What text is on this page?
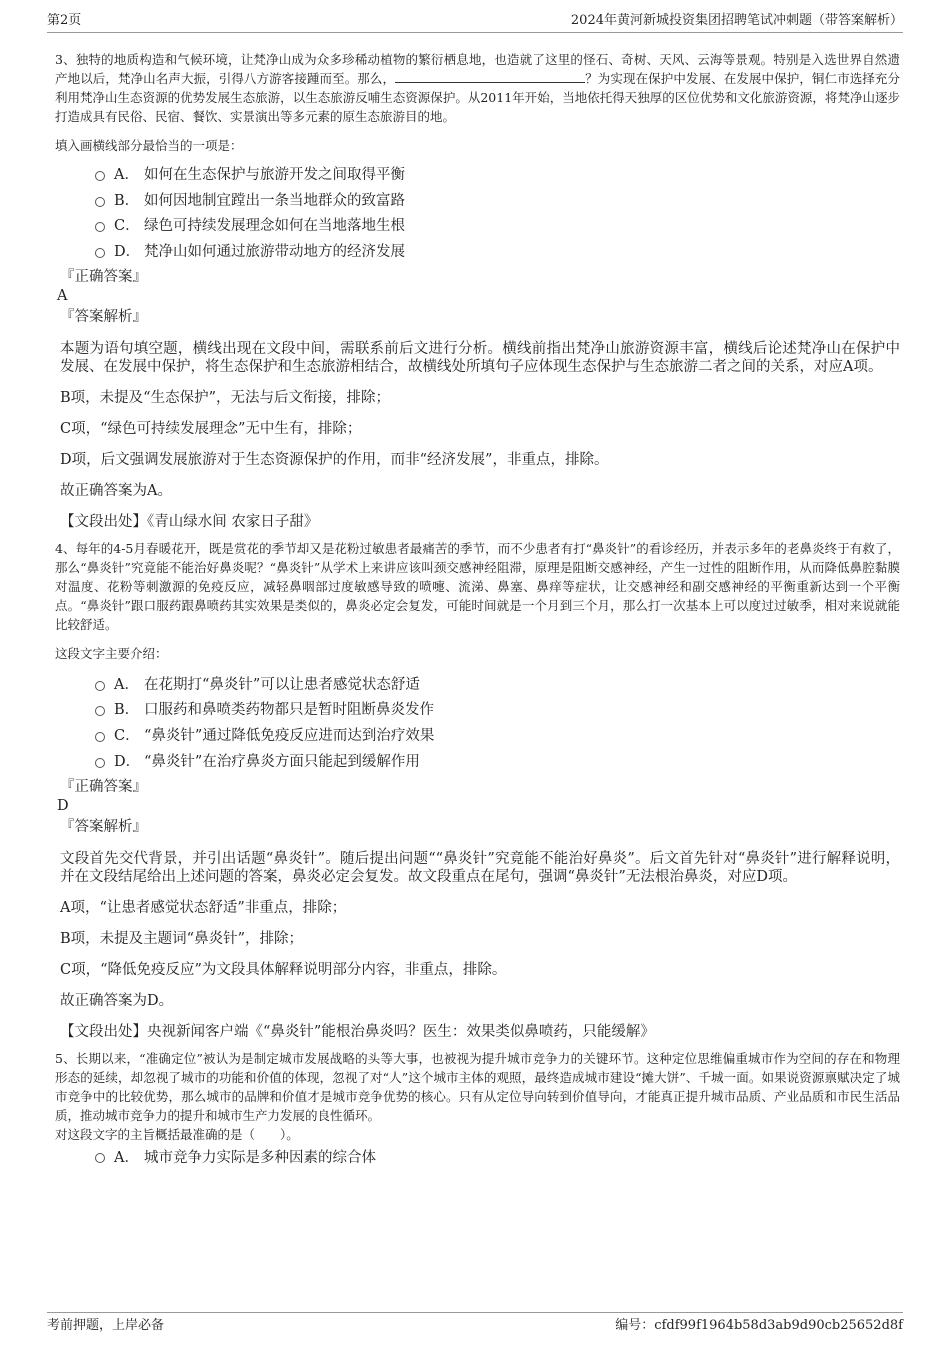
第2页	2024年黄河新城投资集团招聘笔试冲刺题（带答案解析）

3、独特的地质构造和气候环境，让梵净山成为众多珍稀动植物的繁衍栖息地，也造就了这里的怪石、奇树、天风、云海等景观。特别是入选世界自然遗产地以后，梵净山名声大振，引得八方游客接踵而至。那么，	？为实现在保护中发展、在发展中保护，铜仁市选择充分利用梵净山生态资源的优势发展生态旅游，以生态旅游反哺生态资源保护。从2011年开始，当地依托得天独厚的区位优势和文化旅游资源，将梵净山逐步打造成具有民俗、民宿、餐饮、实景演出等多元素的原生态旅游目的地。

填入画横线部分最恰当的一项是：

A． 如何在生态保护与旅游开发之间取得平衡
B． 如何因地制宜蹚出一条当地群众的致富路
C． 绿色可持续发展理念如何在当地落地生根
D． 梵净山如何通过旅游带动地方的经济发展

『正确答案』

A

『答案解析』

本题为语句填空题，横线出现在文段中间，需联系前后文进行分析。横线前指出梵净山旅游资源丰富，横线后论述梵净山在保护中发展、在发展中保护，将生态保护和生态旅游相结合，故横线处所填句子应体现生态保护与生态旅游二者之间的关系，对应A项。

B项，未提及“生态保护”，无法与后文衔接，排除；

C项，“绿色可持续发展理念”无中生有，排除；

D项，后文强调发展旅游对于生态资源保护的作用，而非“经济发展”，非重点，排除。

故正确答案为A。

【文段出处】《青山绿水间 农家日子甜》

4、每年的4-5月春暖花开，既是赏花的季节却又是花粉过敏患者最痛苦的季节，而不少患者有打“鼻炎针”的看诊经历，并表示多年的老鼻炎终于有救了，那么“鼻炎针”究竟能不能治好鼻炎呢？“鼻炎针”从学术上来讲应该叫颈交感神经阻滞，原理是阻断交感神经，产生一过性的阻断作用，从而降低鼻腔黏膜对温度、花粉等刺激源的免疫反应，减轻鼻咽部过度敏感导致的喷嚏、流涕、鼻塞、鼻痒等症状，让交感神经和副交感神经的平衡重新达到一个平衡点。“鼻炎针”跟口服药跟鼻喷药其实效果是类似的，鼻炎必定会复发，可能时间就是一个月到三个月，那么打一次基本上可以度过过敏季，相对来说就能比较舒适。

这段文字主要介绍：

A． 在花期打“鼻炎针”可以让患者感觉状态舒适
B． 口服药和鼻喷类药物都只是暂时阻断鼻炎发作
C． “鼻炎针”通过降低免疫反应进而达到治疗效果
D． “鼻炎针”在治疗鼻炎方面只能起到缓解作用

『正确答案』

D

『答案解析』

文段首先交代背景，并引出话题“鼻炎针”。随后提出问题““鼻炎针”究竟能不能治好鼻炎”。后文首先针对“鼻炎针”进行解释说明，并在文段结尾给出上述问题的答案，鼻炎必定会复发。故文段重点在尾句，强调“鼻炎针”无法根治鼻炎，对应D项。

A项，“让患者感觉状态舒适”非重点，排除；

B项，未提及主题词“鼻炎针”，排除；

C项，“降低免疫反应”为文段具体解释说明部分内容，非重点，排除。

故正确答案为D。

【文段出处】央视新闻客户端《“鼻炎针”能根治鼻炎吗？医生：效果类似鼻喷药，只能缓解》

5、长期以来，“准确定位”被认为是制定城市发展战略的头等大事，也被视为提升城市竞争力的关键环节。这种定位思维偏重城市作为空间的存在和物理形态的延续，却忽视了城市的功能和价值的体现，忽视了对“人”这个城市主体的观照，最终造成城市建设“摊大饼”、千城一面。如果说资源禀赋决定了城市竞争中的比较优势，那么城市的品牌和价值才是城市竞争优势的核心。只有从定位导向转到价值导向，才能真正提升城市品质、产业品质和市民生活品质，推动城市竞争力的提升和城市生产力发展的良性循环。

对这段文字的主旨概括最准确的是（　　）。

A． 城市竞争力实际是多种因素的综合体
考前押题，上岸必备	编号：cfdf99f1964b58d3ab9d90cb25652d8f
